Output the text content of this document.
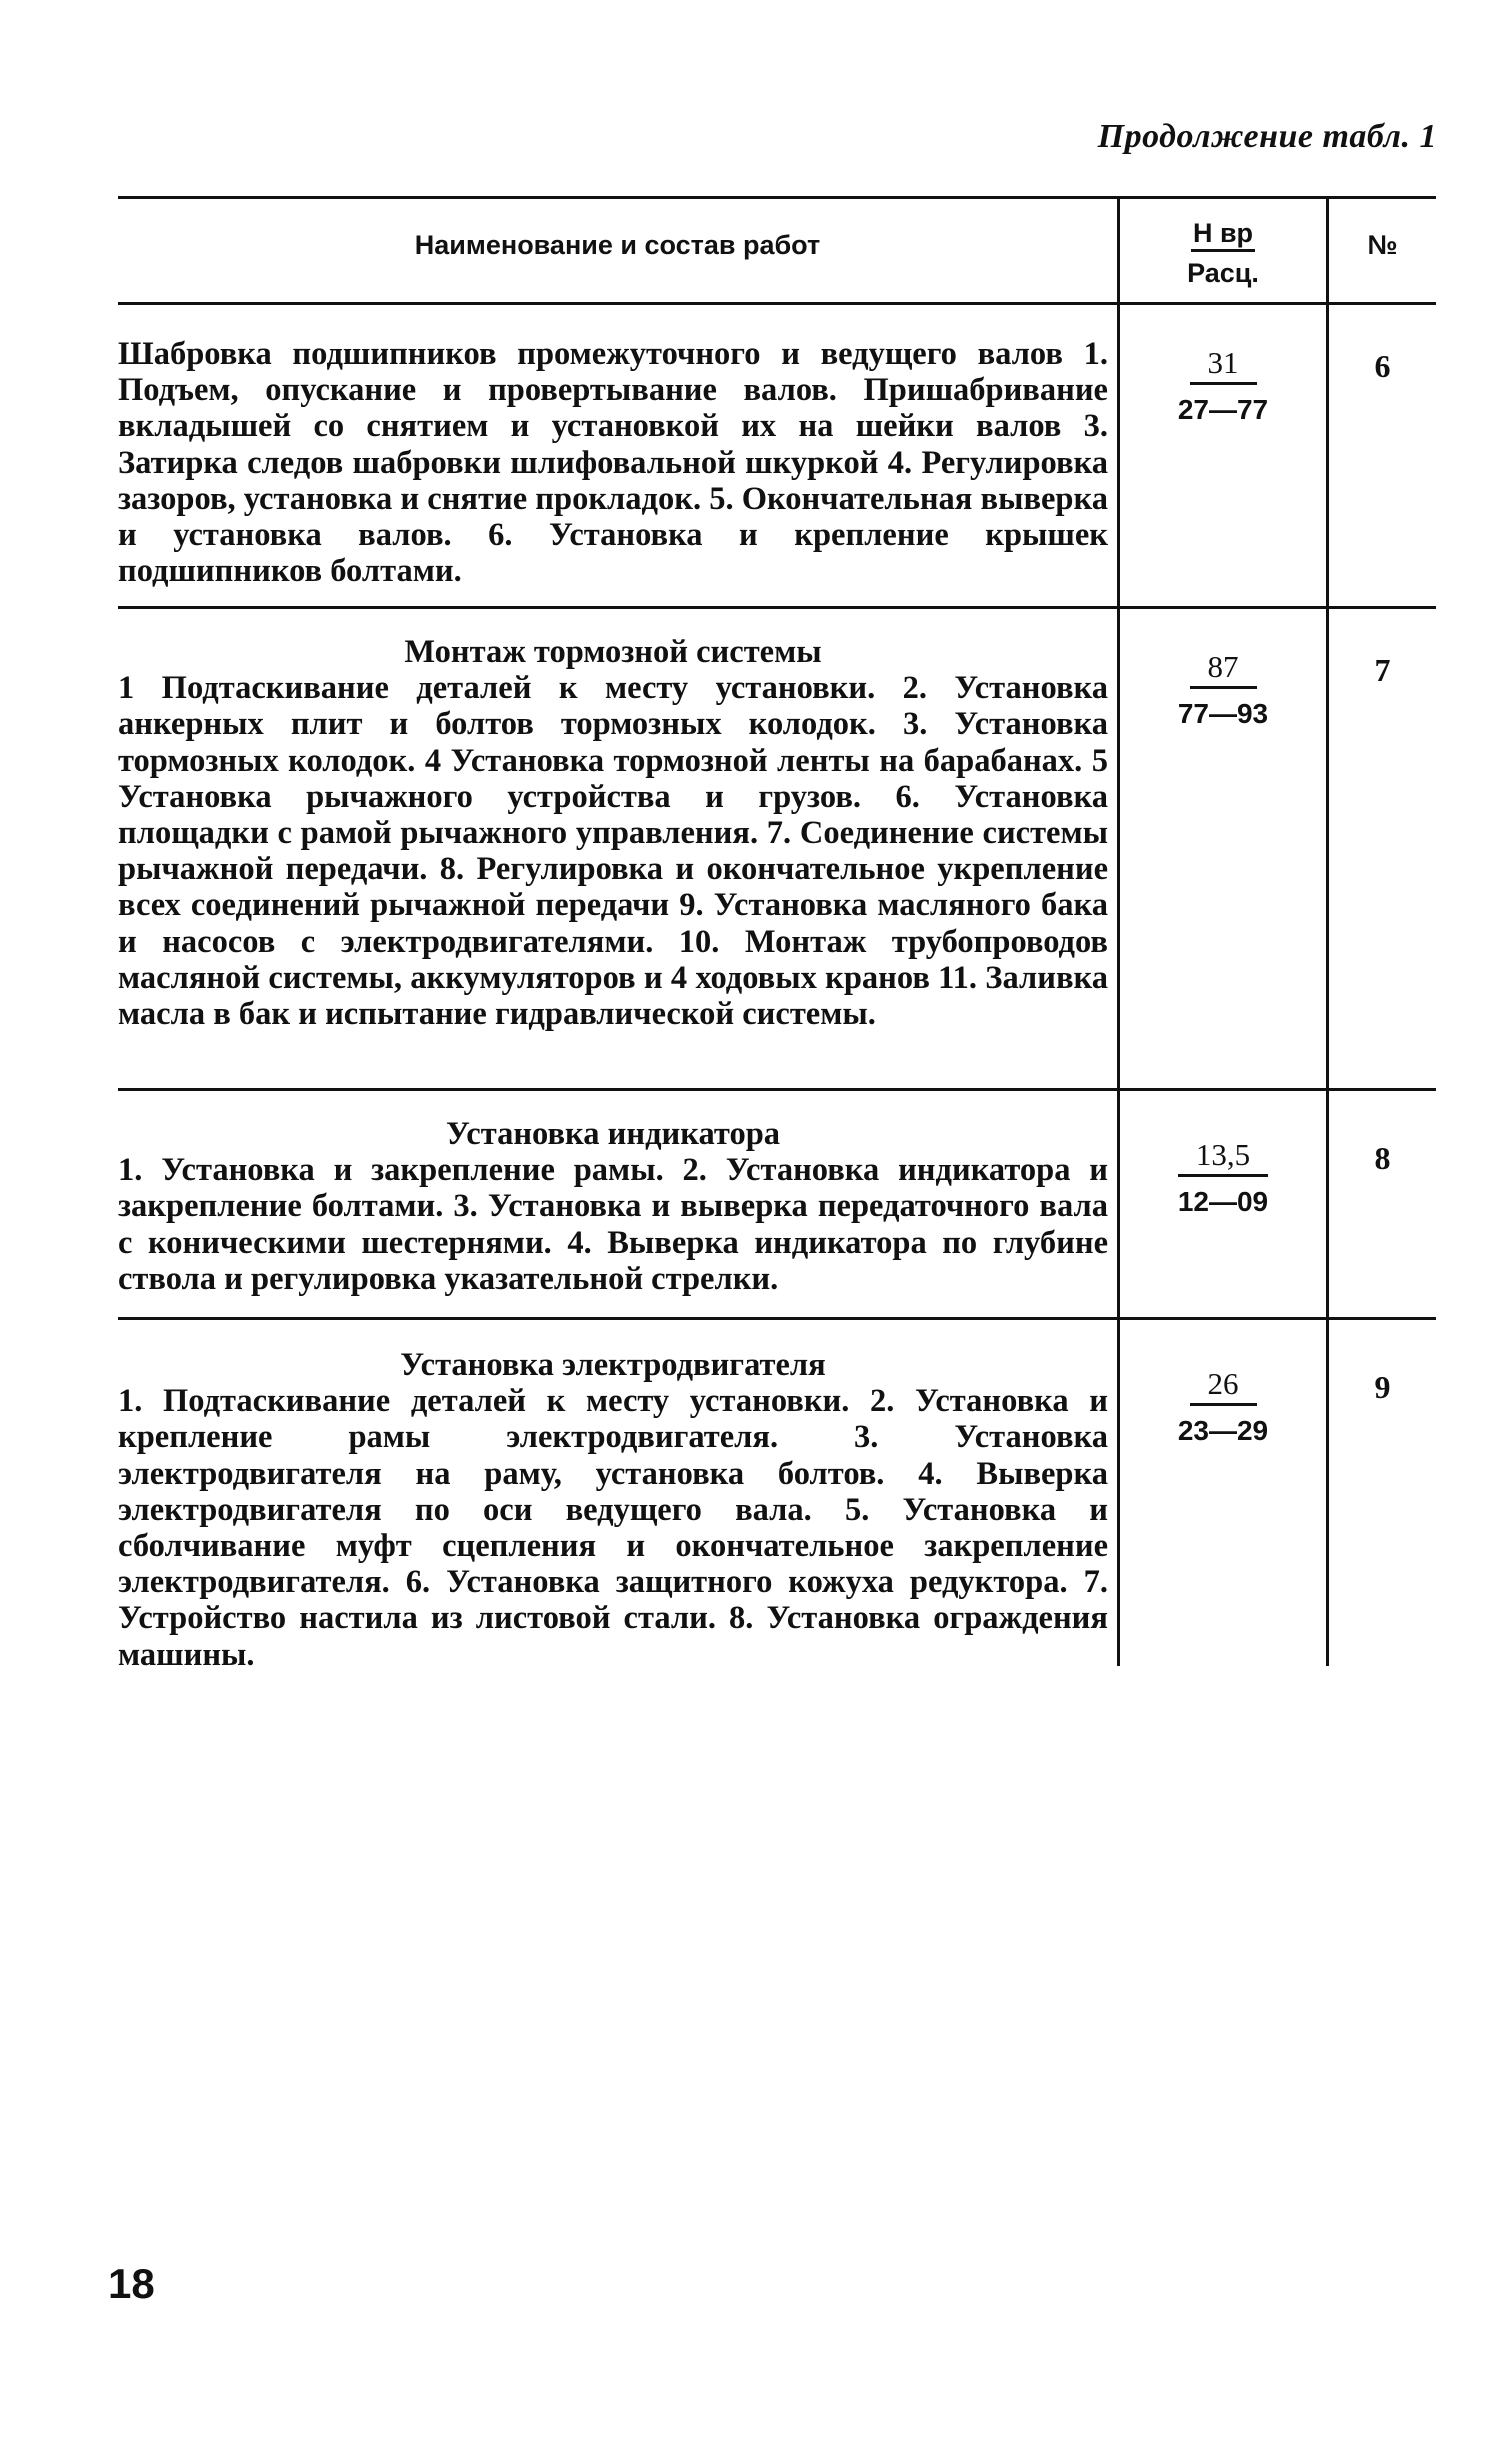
Продолжение табл. 1
Наименование и состав работ	Н вр
Расц.
№
Шабровка подшипников промежуточного и ведущего валов 1. Подъем, опускание и провертывание валов. Пришабривание вкладышей со снятием и установкой их на шейки валов 3. Затирка следов шабровки шлифовальной шкуркой 4. Регулировка зазоров, установка и снятие прокладок. 5. Окончательная выверка и установка валов. 6. Установка и крепление крышек подшипников болтами.
31
27—77
6
Монтаж тормозной системы
1 Подтаскивание деталей к месту установки. 2. Установка анкерных плит и болтов тормозных колодок. 3. Установка тормозных колодок. 4 Установка тормозной ленты на барабанах. 5 Установка рычажного устройства и грузов. 6. Установка площадки с рамой рычажного управления. 7. Соединение системы рычажной передачи. 8. Регулировка и окончательное укрепление всех соединений рычажной передачи 9. Установка масляного бака и насосов с электродвигателями. 10. Монтаж трубопроводов масляной системы, аккумуляторов и 4 ходовых кранов 11. Заливка масла в бак и испытание гидравлической системы.
87
77—93
7
Установка индикатора
1. Установка и закрепление рамы. 2. Установка индикатора и закрепление болтами. 3. Установка и выверка передаточного вала с коническими шестернями. 4. Выверка индикатора по глубине ствола и регулировка указательной стрелки.
13,5
12—09
8
Установка электродвигателя
1. Подтаскивание деталей к месту установки. 2. Установка и крепление рамы электродвигателя. 3. Установка электродвигателя на раму, установка болтов. 4. Выверка электродвигателя по оси ведущего вала. 5. Установка и сболчивание муфт сцепления и окончательное закрепление электродвигателя. 6. Установка защитного кожуха редуктора. 7. Устройство настила из листовой стали. 8. Установка ограждения машины.
26
23—29
9
18
